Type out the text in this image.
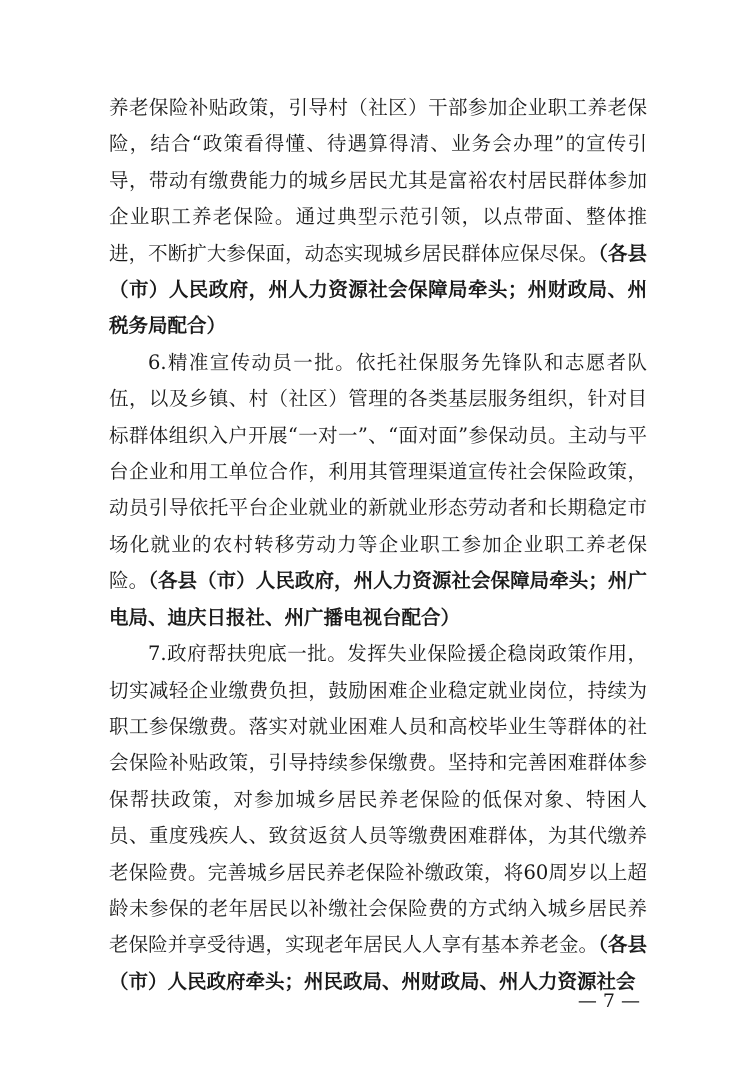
养老保险补贴政策，引导村（社区）干部参加企业职工养老保险，结合“政策看得懂、待遇算得清、业务会办理”的宣传引导，带动有缴费能力的城乡居民尤其是富裕农村居民群体参加企业职工养老保险。通过典型示范引领，以点带面、整体推进，不断扩大参保面，动态实现城乡居民群体应保尽保。（各县（市）人民政府，州人力资源社会保障局牵头；州财政局、州税务局配合）

6.精准宣传动员一批。依托社保服务先锋队和志愿者队伍，以及乡镇、村（社区）管理的各类基层服务组织，针对目标群体组织入户开展“一对一”、“面对面”参保动员。主动与平台企业和用工单位合作，利用其管理渠道宣传社会保险政策，动员引导依托平台企业就业的新就业形态劳动者和长期稳定市场化就业的农村转移劳动力等企业职工参加企业职工养老保险。（各县（市）人民政府，州人力资源社会保障局牵头；州广电局、迪庆日报社、州广播电视台配合）

7.政府帮扶兜底一批。发挥失业保险援企稳岗政策作用，切实减轻企业缴费负担，鼓励困难企业稳定就业岗位，持续为职工参保缴费。落实对就业困难人员和高校毕业生等群体的社会保险补贴政策，引导持续参保缴费。坚持和完善困难群体参保帮扶政策，对参加城乡居民养老保险的低保对象、特困人员、重度残疾人、致贫返贫人员等缴费困难群体，为其代缴养老保险费。完善城乡居民养老保险补缴政策，将60周岁以上超龄未参保的老年居民以补缴社会保险费的方式纳入城乡居民养老保险并享受待遇，实现老年居民人人享有基本养老金。（各县（市）人民政府牵头；州民政局、州财政局、州人力资源社会

— 7 —
